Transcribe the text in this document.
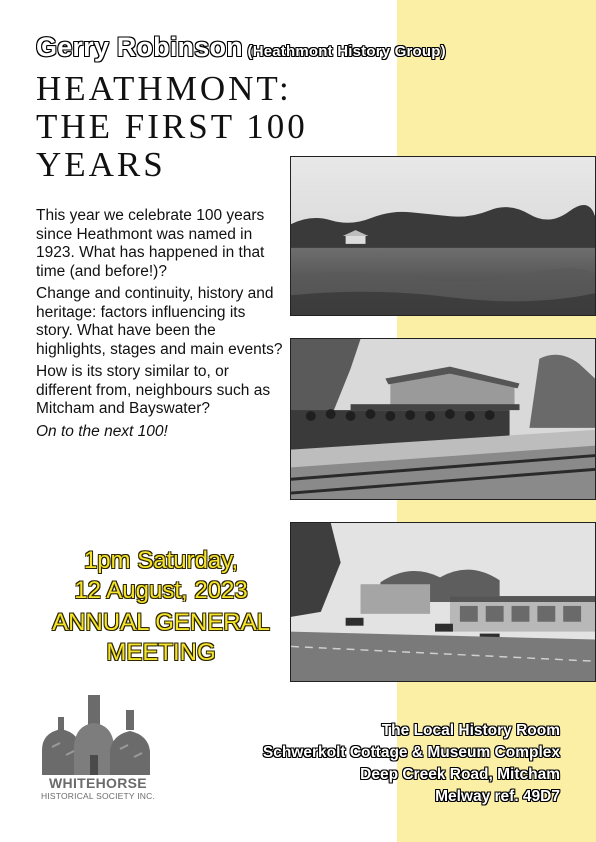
Gerry Robinson (Heathmont History Group)
HEATHMONT:
THE FIRST 100
YEARS

This year we celebrate 100 years since Heathmont was named in 1923. What has happened in that time (and before!)?

Change and continuity, history and heritage: factors influencing its story. What have been the highlights, stages and main events?

How is its story similar to, or different from, neighbours such as Mitcham and Bayswater?

On to the next 100!

1pm Saturday,
12 August, 2023
ANNUAL GENERAL
MEETING
WHITEHORSE
HISTORICAL SOCIETY INC.
The Local History Room
Schwerkolt Cottage & Museum Complex
Deep Creek Road, Mitcham
Melway ref. 49D7
